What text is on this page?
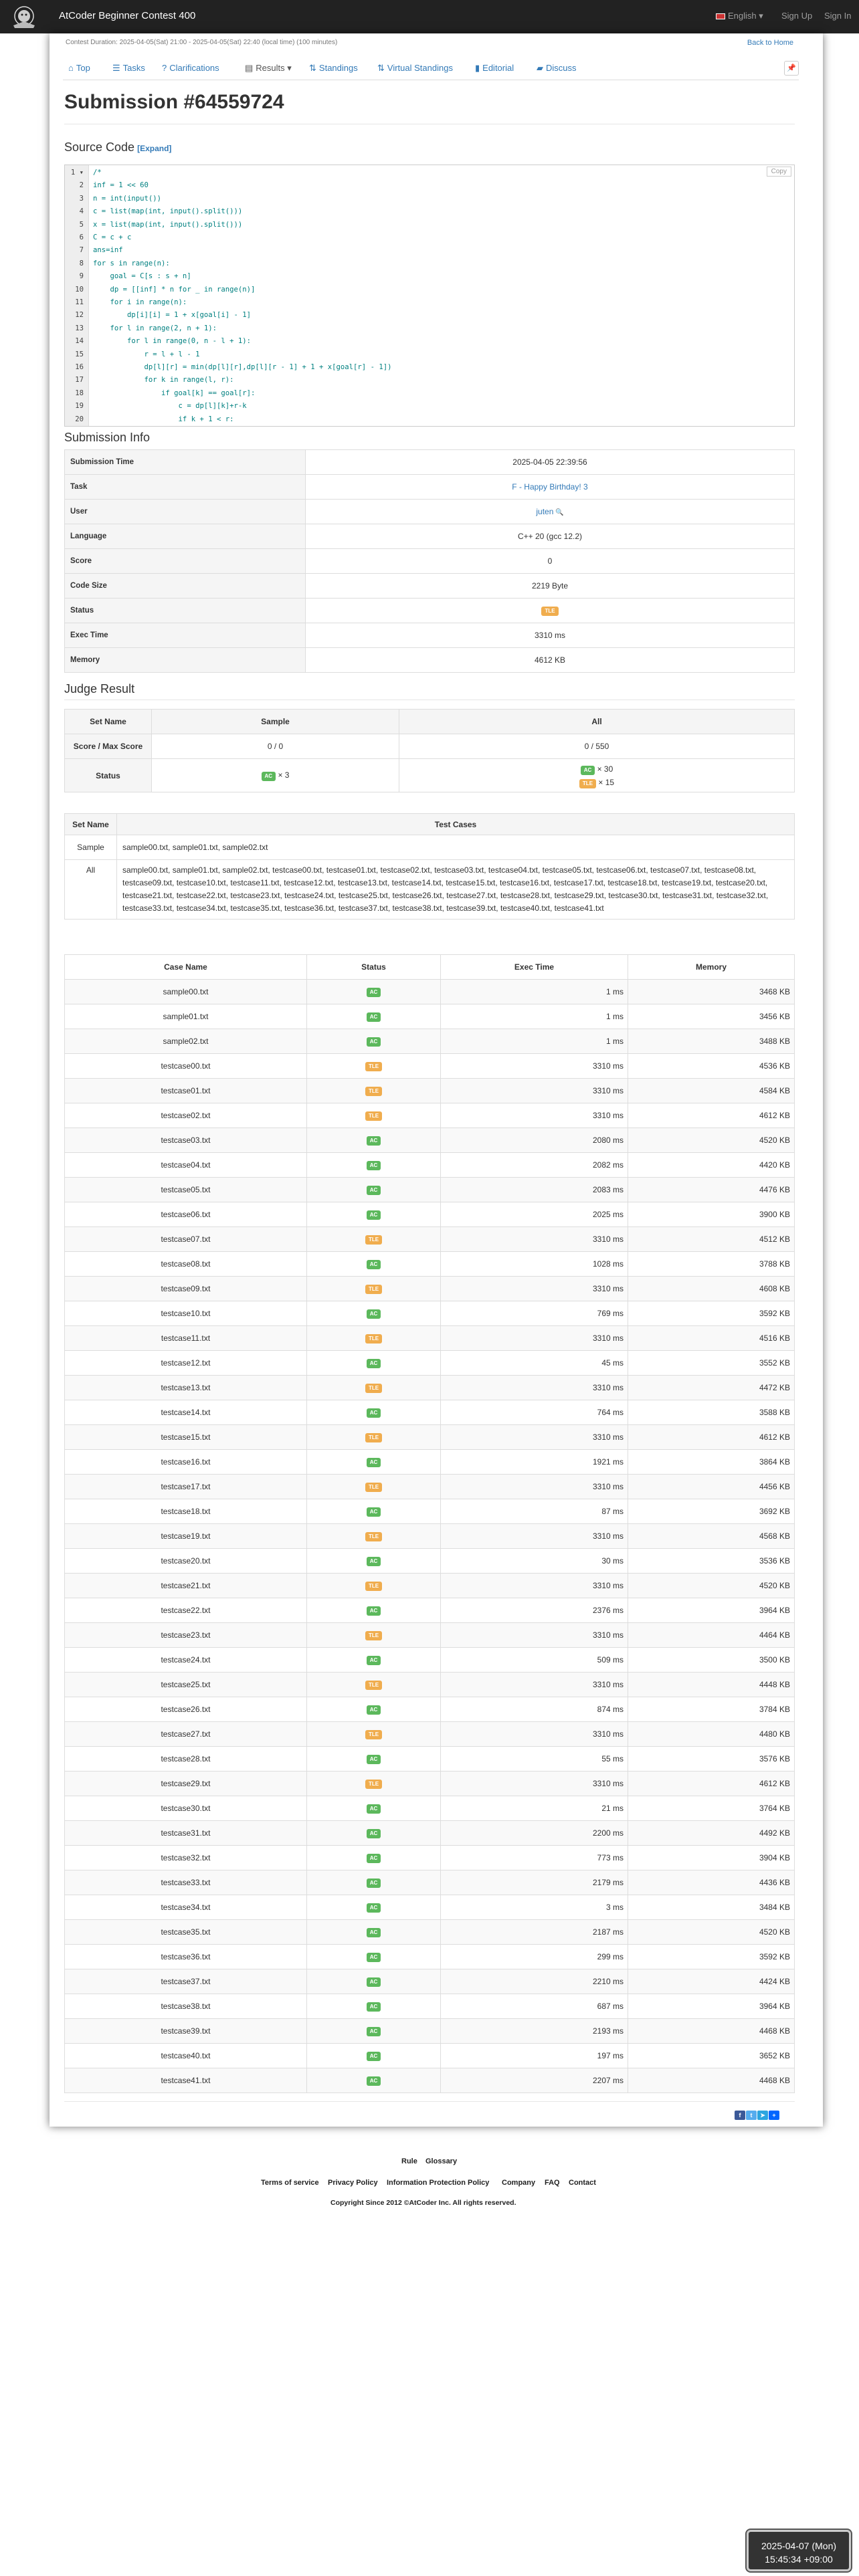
AtCoder Beginner Contest 400	English ▾ Sign Up Sign In
Contest Duration: 2025-04-05(Sat) 21:00 - 2025-04-05(Sat) 22:40 (local time) (100 minutes)	Back to Home
⌂ Top	☰ Tasks ? Clarifications	▤ Results ▾ ⇅ Standings ⇅ Virtual Standings	▮ Editorial	▰ Discuss	📌
Submission #64559724
Source Code [Expand]
1 ▾
2
3
4
5
6
7
8
9
10
11
12
13
14
15
16
17
18
19
20
/*
inf = 1 << 60
n = int(input())
c = list(map(int, input().split()))
x = list(map(int, input().split()))
C = c + c
ans=inf
for s in range(n):
goal = C[s : s + n]
dp = [[inf] * n for _ in range(n)]
for i in range(n):
dp[i][i] = 1 + x[goal[i] - 1]
for l in range(2, n + 1):
for l in range(0, n - l + 1):
r = l + l - 1
dp[l][r] = min(dp[l][r],dp[l][r - 1] + 1 + x[goal[r] - 1])
for k in range(l, r):
if goal[k] == goal[r]:
c = dp[l][k]+r-k
if k + 1 < r:
Copy
Submission Info
Submission Time	2025-04-05 22:39:56
Task	F - Happy Birthday! 3
User	juten 🔍
Language	C++ 20 (gcc 12.2)
Score	0
Code Size	2219 Byte
Status	TLE
Exec Time	3310 ms
Memory	4612 KB
Judge Result
Set Name	Sample	All
Score / Max Score	0 / 0	0 / 550
Status	AC × 3	AC × 30
TLE × 15
Set Name	Test Cases
Sample	sample00.txt, sample01.txt, sample02.txt
All	sample00.txt, sample01.txt, sample02.txt, testcase00.txt, testcase01.txt, testcase02.txt, testcase03.txt, testcase04.txt, testcase05.txt, testcase06.txt, testcase07.txt, testcase08.txt, testcase09.txt, testcase10.txt, testcase11.txt, testcase12.txt, testcase13.txt, testcase14.txt, testcase15.txt, testcase16.txt, testcase17.txt, testcase18.txt, testcase19.txt, testcase20.txt, testcase21.txt, testcase22.txt, testcase23.txt, testcase24.txt, testcase25.txt, testcase26.txt, testcase27.txt, testcase28.txt, testcase29.txt, testcase30.txt, testcase31.txt, testcase32.txt, testcase33.txt, testcase34.txt, testcase35.txt, testcase36.txt, testcase37.txt, testcase38.txt, testcase39.txt, testcase40.txt, testcase41.txt
Case Name	Status	Exec Time	Memory
sample00.txt	AC	1 ms	3468 KB
sample01.txt	AC	1 ms	3456 KB
sample02.txt	AC	1 ms	3488 KB
testcase00.txt	TLE	3310 ms	4536 KB
testcase01.txt	TLE	3310 ms	4584 KB
testcase02.txt	TLE	3310 ms	4612 KB
testcase03.txt	AC	2080 ms	4520 KB
testcase04.txt	AC	2082 ms	4420 KB
testcase05.txt	AC	2083 ms	4476 KB
testcase06.txt	AC	2025 ms	3900 KB
testcase07.txt	TLE	3310 ms	4512 KB
testcase08.txt	AC	1028 ms	3788 KB
testcase09.txt	TLE	3310 ms	4608 KB
testcase10.txt	AC	769 ms	3592 KB
testcase11.txt	TLE	3310 ms	4516 KB
testcase12.txt	AC	45 ms	3552 KB
testcase13.txt	TLE	3310 ms	4472 KB
testcase14.txt	AC	764 ms	3588 KB
testcase15.txt	TLE	3310 ms	4612 KB
testcase16.txt	AC	1921 ms	3864 KB
testcase17.txt	TLE	3310 ms	4456 KB
testcase18.txt	AC	87 ms	3692 KB
testcase19.txt	TLE	3310 ms	4568 KB
testcase20.txt	AC	30 ms	3536 KB
testcase21.txt	TLE	3310 ms	4520 KB
testcase22.txt	AC	2376 ms	3964 KB
testcase23.txt	TLE	3310 ms	4464 KB
testcase24.txt	AC	509 ms	3500 KB
testcase25.txt	TLE	3310 ms	4448 KB
testcase26.txt	AC	874 ms	3784 KB
testcase27.txt	TLE	3310 ms	4480 KB
testcase28.txt	AC	55 ms	3576 KB
testcase29.txt	TLE	3310 ms	4612 KB
testcase30.txt	AC	21 ms	3764 KB
testcase31.txt	AC	2200 ms	4492 KB
testcase32.txt	AC	773 ms	3904 KB
testcase33.txt	AC	2179 ms	4436 KB
testcase34.txt	AC	3 ms	3484 KB
testcase35.txt	AC	2187 ms	4520 KB
testcase36.txt	AC	299 ms	3592 KB
testcase37.txt	AC	2210 ms	4424 KB
testcase38.txt	AC	687 ms	3964 KB
testcase39.txt	AC	2193 ms	4468 KB
testcase40.txt	AC	197 ms	3652 KB
testcase41.txt	AC	2207 ms	4468 KB
f t ➤ +
Rule Glossary
Terms of service Privacy Policy Information Protection Policy Company FAQ Contact
Copyright Since 2012 ©AtCoder Inc. All rights reserved.
2025-04-07 (Mon)
15:45:34 +09:00
